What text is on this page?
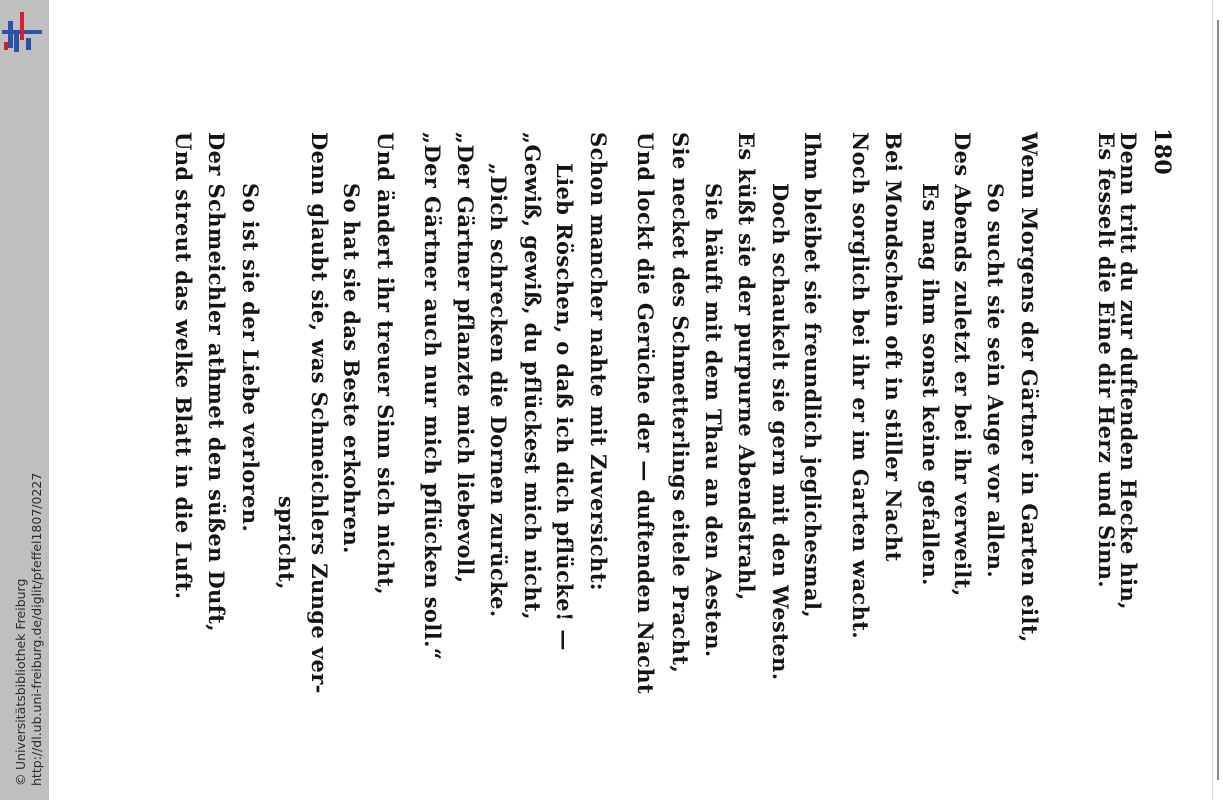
http://dl.ub.uni-freiburg.de/diglit/pfeffel1807/0227
©
Universitätsbibliothek Freiburg
180
Denn tritt du zur duftenden Hecke hin,
Es fesselt die Eine dir Herz und Sinn.
Wenn Morgens der Gärtner in Garten eilt,
So sucht sie sein Auge vor allen.
Des Abends zuletzt er bei ihr verweilt,
Es mag ihm sonst keine gefallen.
Bei Mondschein oft in stiller Nacht
Noch sorglich bei ihr er im Garten wacht.
Ihm bleibet sie freundlich jeglichesmal,
Doch schaukelt sie gern mit den Westen.
Es küßt sie der purpurne Abendstrahl,
Sie häuft mit dem Thau an den Aesten.
Sie necket des Schmetterlings eitele Pracht,
Und lockt die Gerüche der — duftenden Nacht
Schon mancher nahte mit Zuversicht:
Lieb Röschen, o daß ich dich pflücke! —
„Gewiß, gewiß, du pflückest mich nicht,
„Dich schrecken die Dornen zurücke.
„Der Gärtner pflanzte mich liebevoll,
„Der Gärtner auch nur mich pflücken soll.“
Und ändert ihr treuer Sinn sich nicht,
So hat sie das Beste erkohren.
Denn glaubt sie, was Schmeichlers Zunge ver-
spricht,
So ist sie der Liebe verloren.
Der Schmeichler athmet den süßen Duft,
Und streut das welke Blatt in die Luft.
